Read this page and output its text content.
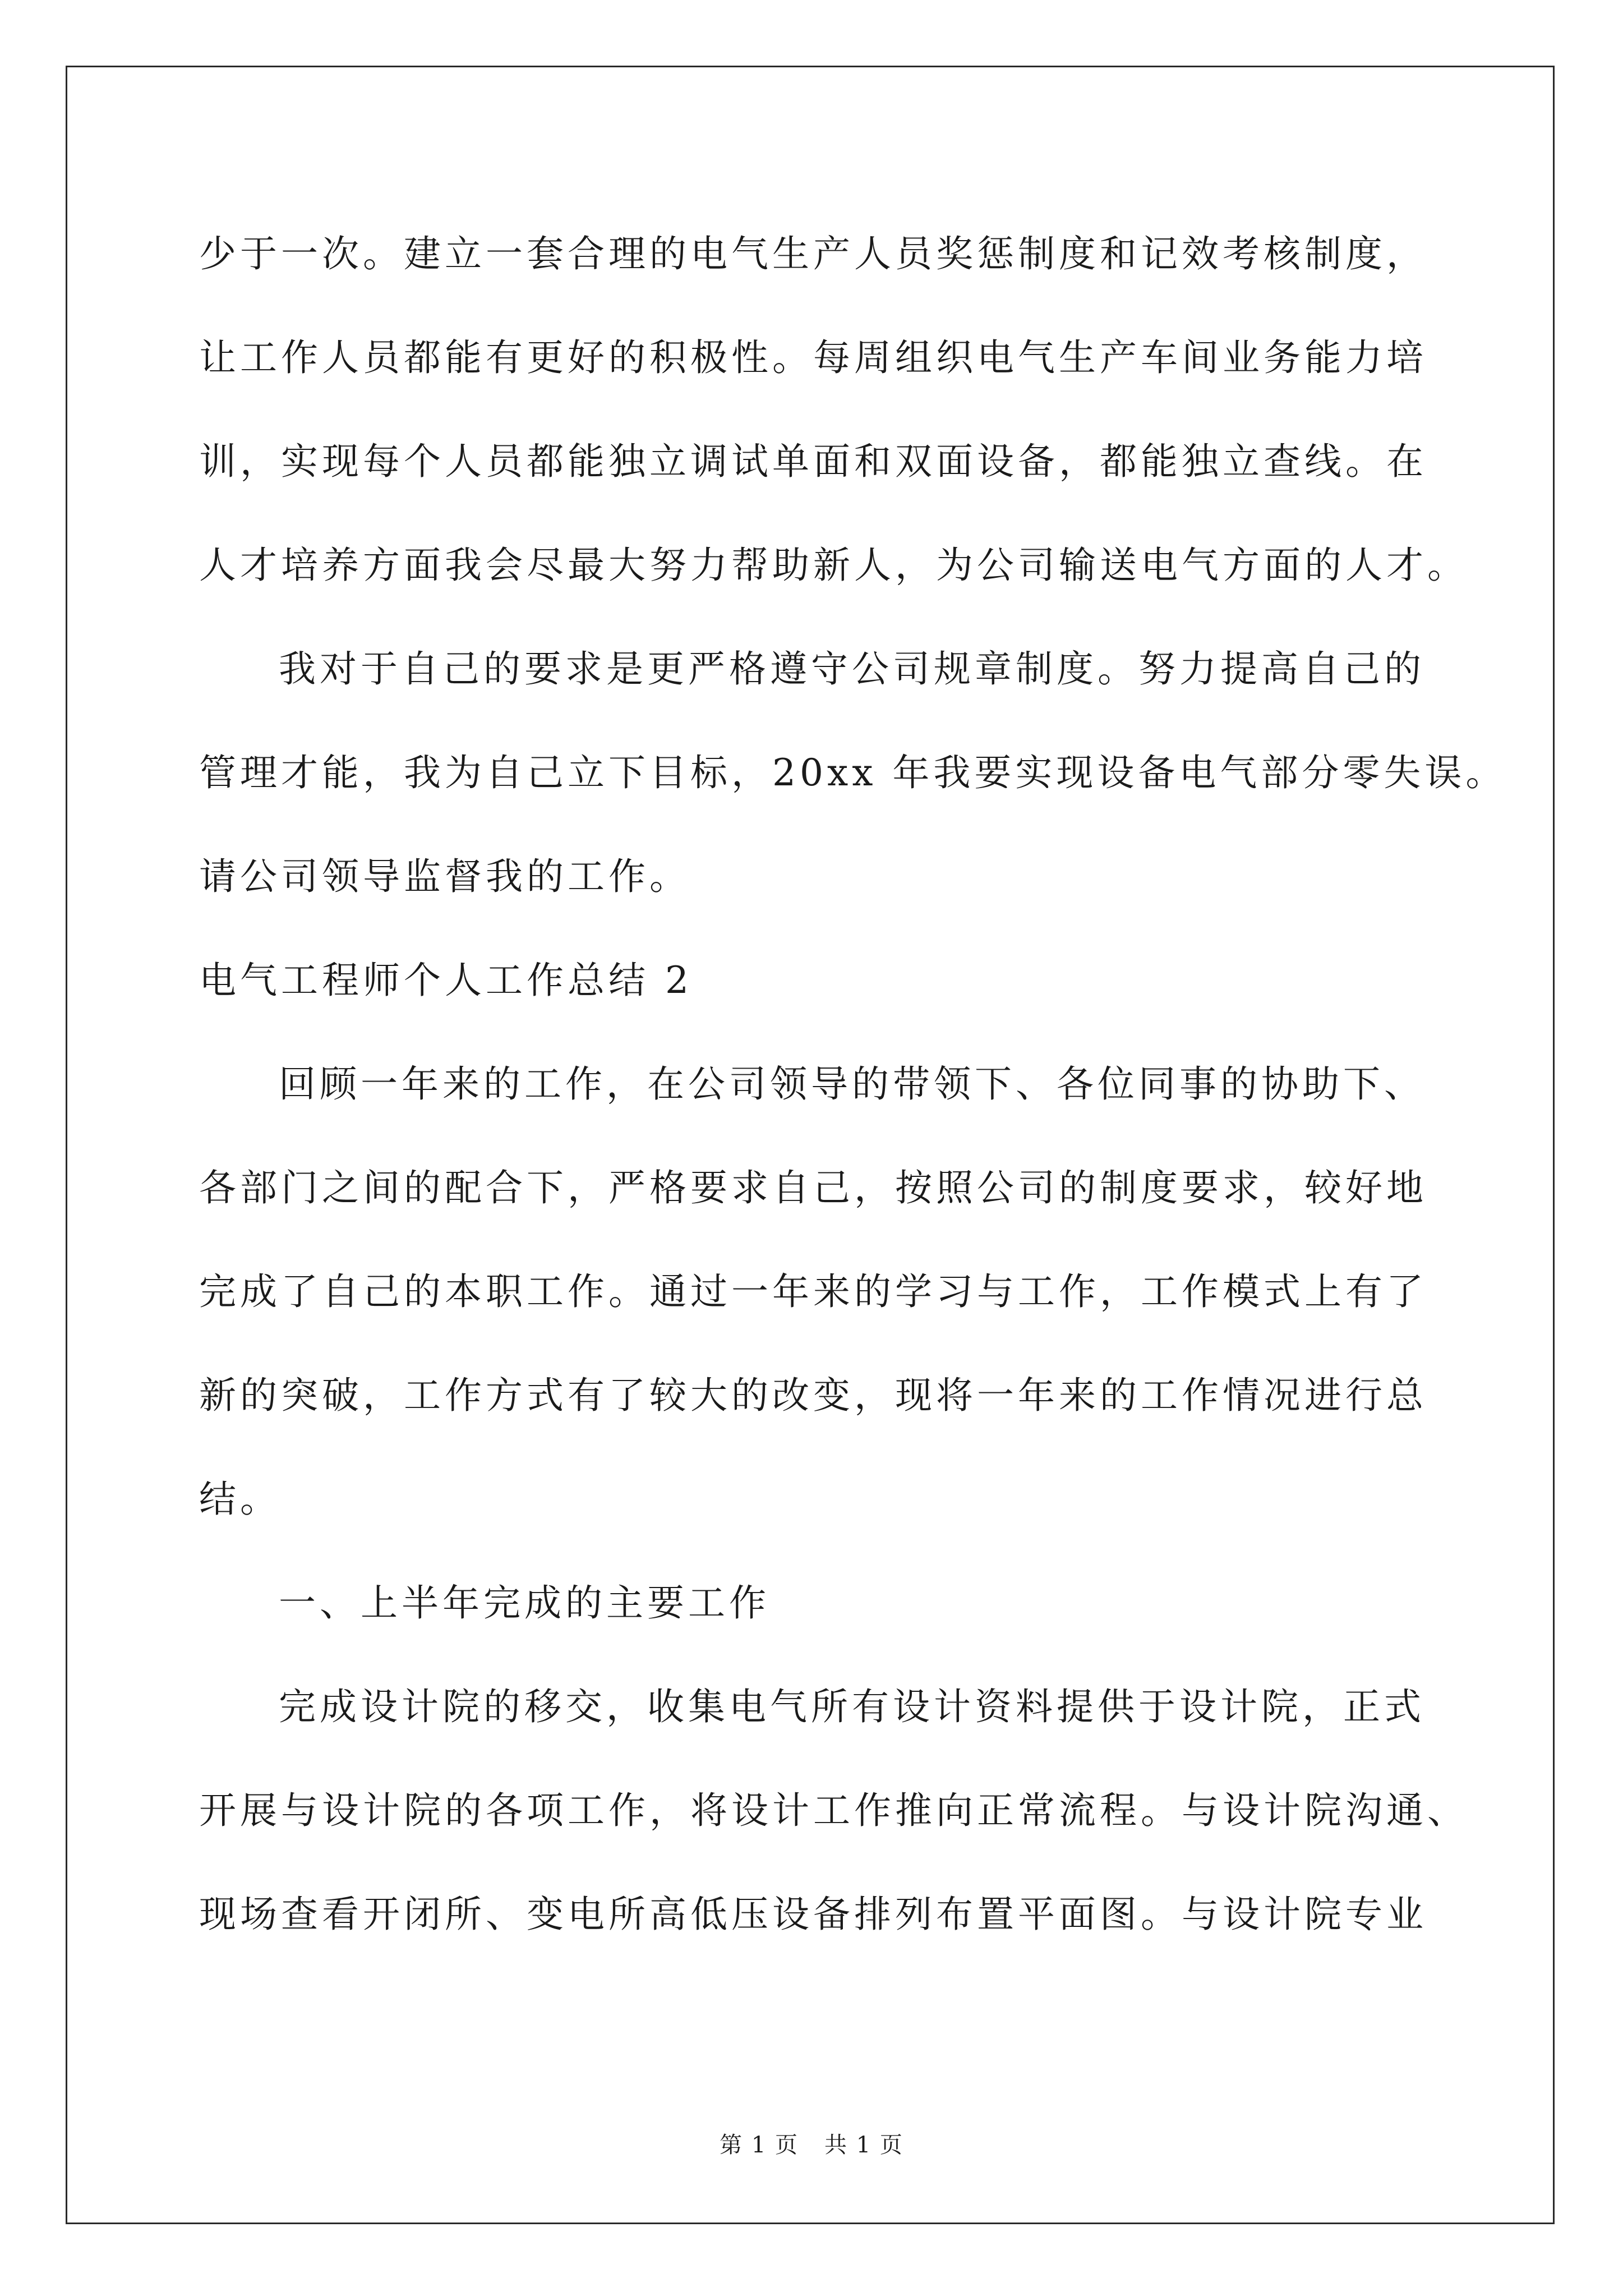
少于一次。建立一套合理的电气生产人员奖惩制度和记效考核制度，
让工作人员都能有更好的积极性。每周组织电气生产车间业务能力培
训，实现每个人员都能独立调试单面和双面设备，都能独立查线。在
人才培养方面我会尽最大努力帮助新人，为公司输送电气方面的人才。
我对于自己的要求是更严格遵守公司规章制度。努力提高自己的
管理才能，我为自己立下目标，20xx 年我要实现设备电气部分零失误。
请公司领导监督我的工作。
电气工程师个人工作总结 2
回顾一年来的工作，在公司领导的带领下、各位同事的协助下、
各部门之间的配合下，严格要求自己，按照公司的制度要求，较好地
完成了自己的本职工作。通过一年来的学习与工作，工作模式上有了
新的突破，工作方式有了较大的改变，现将一年来的工作情况进行总
结。
一、上半年完成的主要工作
完成设计院的移交，收集电气所有设计资料提供于设计院，正式
开展与设计院的各项工作，将设计工作推向正常流程。与设计院沟通、
现场查看开闭所、变电所高低压设备排列布置平面图。与设计院专业
第 1 页 共 1 页
